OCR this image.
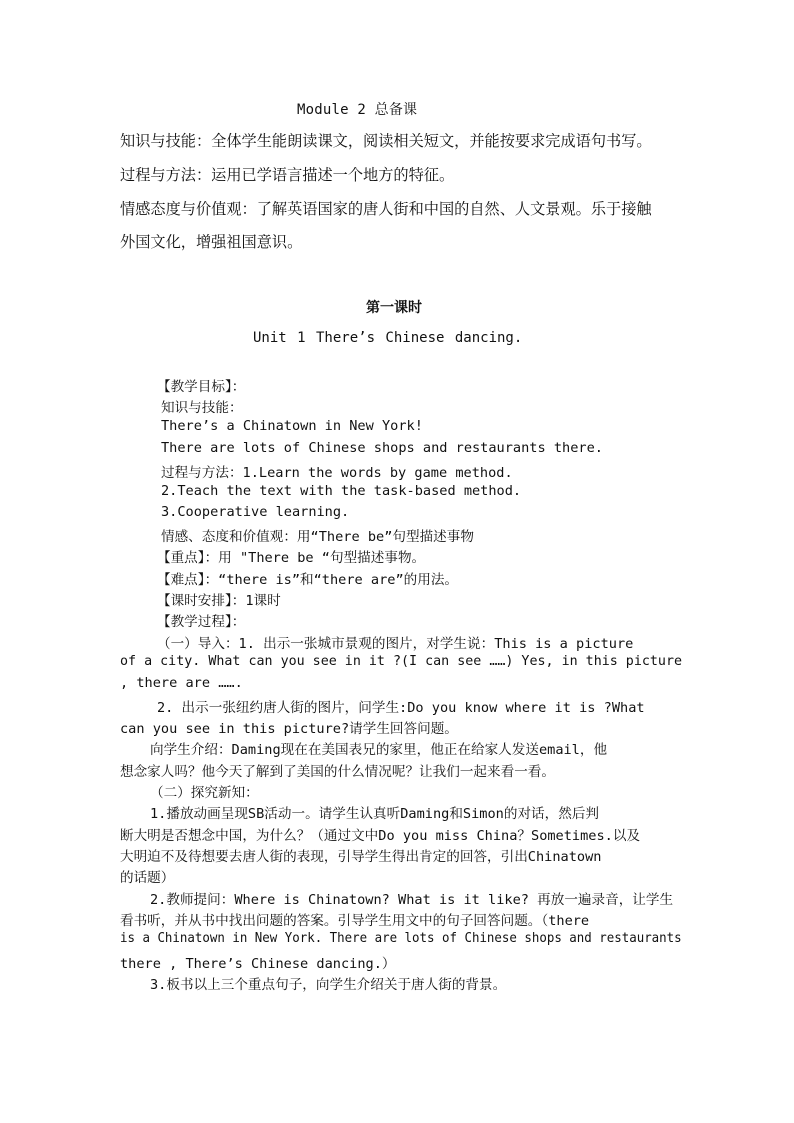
Module 2 总备课
知识与技能：全体学生能朗读课文，阅读相关短文，并能按要求完成语句书写。
过程与方法：运用已学语言描述一个地方的特征。
情感态度与价值观：了解英语国家的唐人街和中国的自然、人文景观。乐于接触
外国文化，增强祖国意识。
第一课时
Unit 1 There’s Chinese dancing.
【教学目标】：
知识与技能：
There’s a Chinatown in New York!
There are lots of Chinese shops and restaurants there.
过程与方法：1.Learn the words by game method.
2.Teach the text with the task-based method.
3.Cooperative learning.
情感、态度和价值观：用“There be”句型描述事物
【重点】：用 "There be “句型描述事物。
【难点】：“there is”和“there are”的用法。
【课时安排】：1课时
【教学过程】：
（一）导入：1. 出示一张城市景观的图片，对学生说：This is a picture
of a city. What can you see in it ?(I can see ……) Yes, in this picture
, there are …….
2. 出示一张纽约唐人街的图片，问学生:Do you know where it is ?What
can you see in this picture?请学生回答问题。
向学生介绍：Daming现在在美国表兄的家里，他正在给家人发送email，他
想念家人吗？他今天了解到了美国的什么情况呢？让我们一起来看一看。
（二）探究新知：
1.播放动画呈现SB活动一。请学生认真听Daming和Simon的对话，然后判
断大明是否想念中国，为什么？（通过文中Do you miss China？Sometimes.以及
大明迫不及待想要去唐人街的表现，引导学生得出肯定的回答，引出Chinatown
的话题）
2.教师提问：Where is Chinatown? What is it like? 再放一遍录音，让学生
看书听，并从书中找出问题的答案。引导学生用文中的句子回答问题。（there
is a Chinatown in New York. There are lots of Chinese shops and restaurants
there , There’s Chinese dancing.）
3.板书以上三个重点句子，向学生介绍关于唐人街的背景。
